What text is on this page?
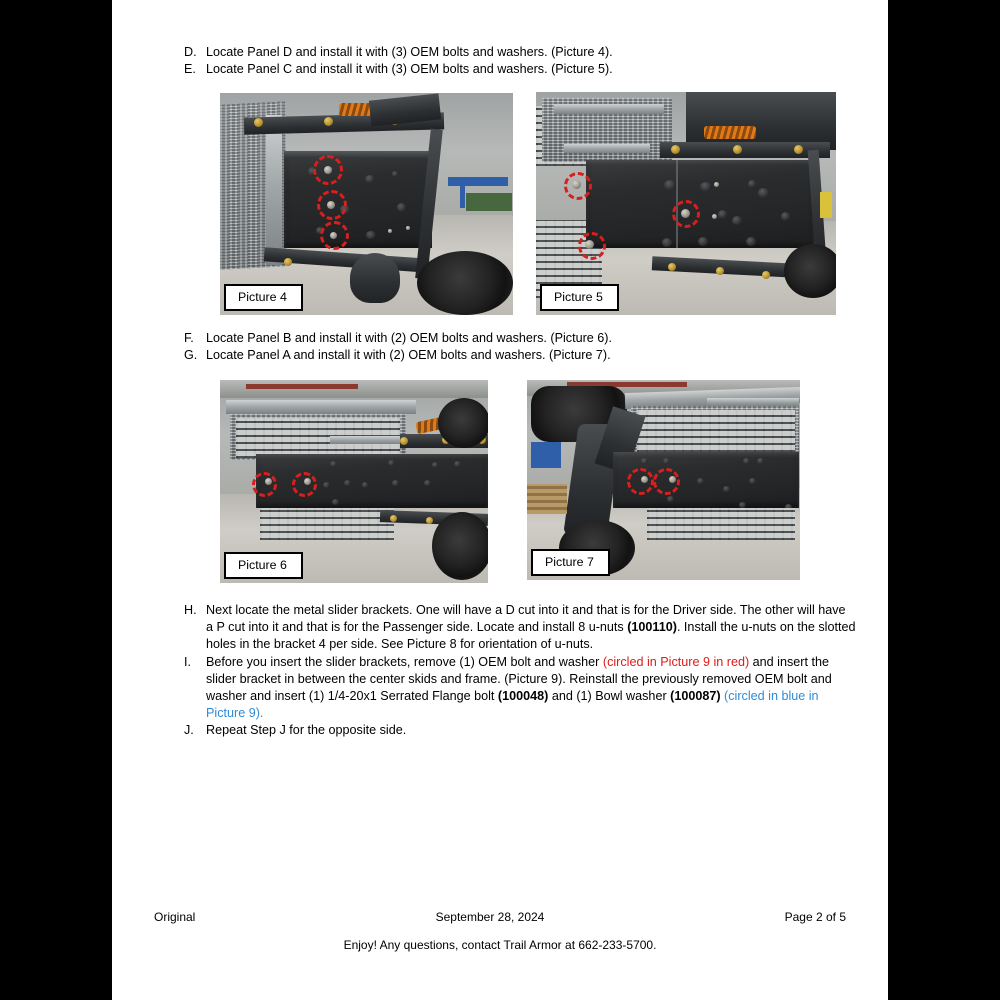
D. Locate Panel D and install it with (3) OEM bolts and washers. (Picture 4).
E. Locate Panel C and install it with (3) OEM bolts and washers. (Picture 5).
Picture 4	Picture 5
F. Locate Panel B and install it with (2) OEM bolts and washers. (Picture 6).
G. Locate Panel A and install it with (2) OEM bolts and washers. (Picture 7).
Picture 6	Picture 7
H. Next locate the metal slider brackets. One will have a D cut into it and that is for the Driver side. The other will have a P cut into it and that is for the Passenger side. Locate and install 8 u-nuts (100110). Install the u-nuts on the slotted holes in the bracket 4 per side. See Picture 8 for orientation of u-nuts.
I.	Before you insert the slider brackets, remove (1) OEM bolt and washer (circled in Picture 9 in red) and insert the slider bracket in between the center skids and frame. (Picture 9). Reinstall the previously removed OEM bolt and washer and insert (1) 1/4-20x1 Serrated Flange bolt (100048) and (1) Bowl washer (100087) (circled in blue in Picture 9).
J. Repeat Step J for the opposite side.
Original	September 28, 2024	Page 2 of 5
Enjoy! Any questions, contact Trail Armor at 662-233-5700.
